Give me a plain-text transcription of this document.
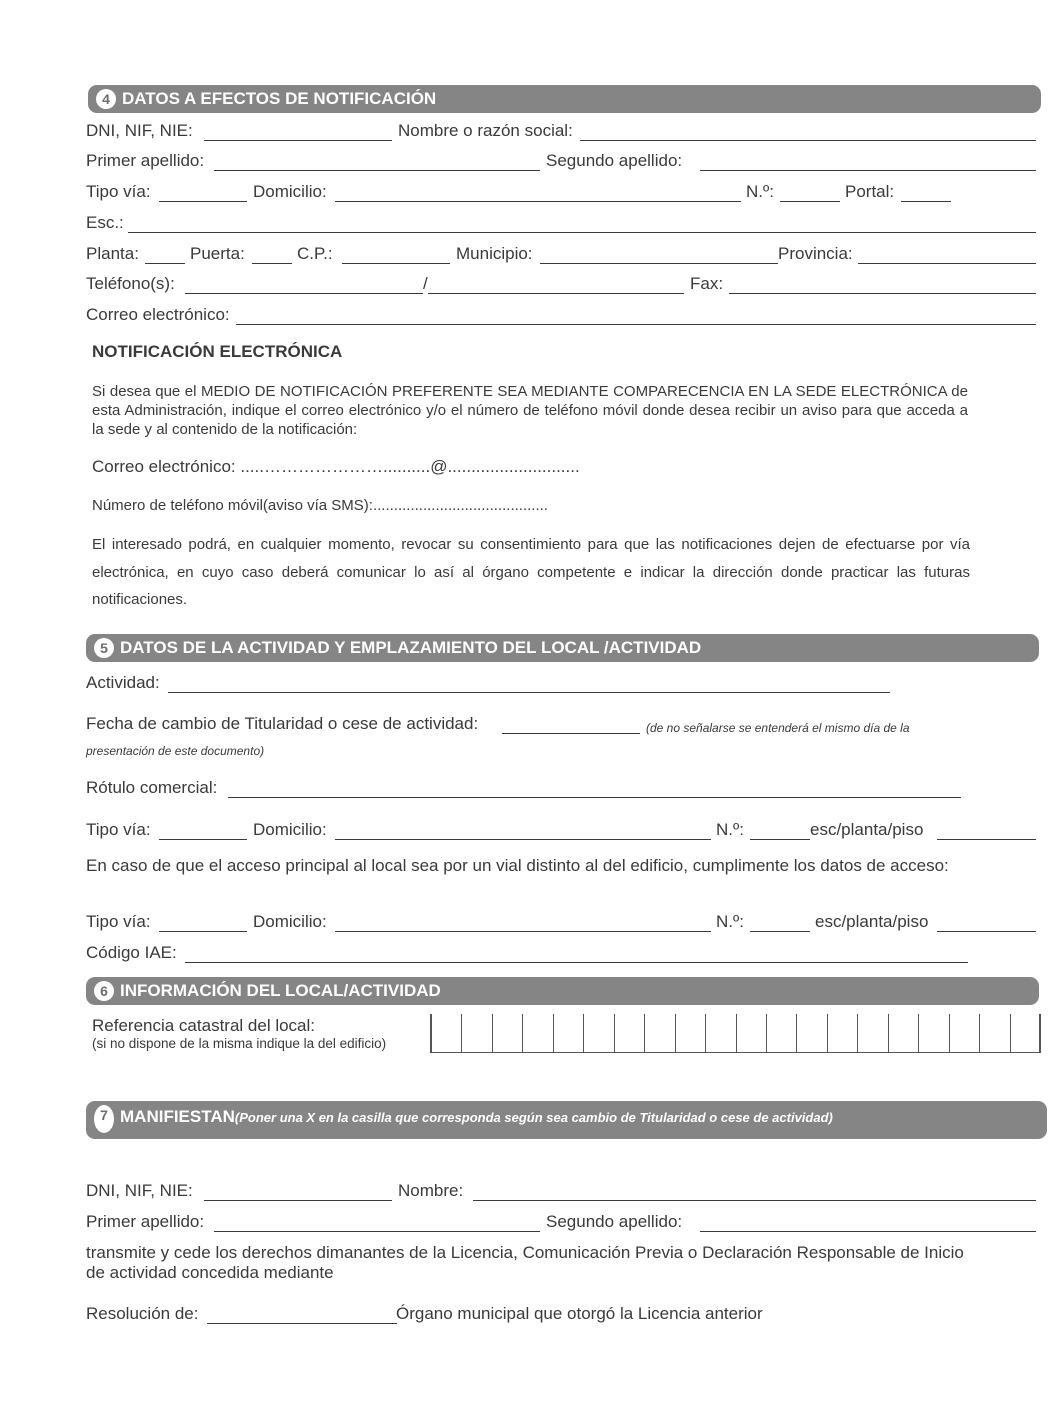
4 DATOS A EFECTOS DE NOTIFICACIÓN
DNI, NIF, NIE:	Nombre o razón social:
Primer apellido:	Segundo apellido:
Tipo vía:	Domicilio:	N.º:	Portal:
Esc.:
Planta:	Puerta:	C.P.:	Municipio:	Provincia:
Teléfono(s):	/	Fax:
Correo electrónico:
NOTIFICACIÓN ELECTRÓNICA
Si desea que el MEDIO DE NOTIFICACIÓN PREFERENTE SEA MEDIANTE COMPARECENCIA EN LA SEDE ELECTRÓNICA de esta Administración, indique el correo electrónico y/o el número de teléfono móvil donde desea recibir un aviso para que acceda a la sede y al contenido de la notificación:
Correo electrónico: .....…………………..........@............................
Número de teléfono móvil(aviso vía SMS):..........................................
El interesado podrá, en cualquier momento, revocar su consentimiento para que las notificaciones dejen de efectuarse por vía electrónica, en cuyo caso deberá comunicar lo así al órgano competente e indicar la dirección donde practicar las futuras notificaciones.
5 DATOS DE LA ACTIVIDAD Y EMPLAZAMIENTO DEL LOCAL /ACTIVIDAD
Actividad:
Fecha de cambio de Titularidad o cese de actividad:	(de no señalarse se entenderá el mismo día de la
presentación de este documento)
Rótulo comercial:
Tipo vía:	Domicilio:	N.º:	esc/planta/piso
En caso de que el acceso principal al local sea por un vial distinto al del edificio, cumplimente los datos de acceso:
Tipo vía:	Domicilio:	N.º:	esc/planta/piso
Código IAE:
6 INFORMACIÓN DEL LOCAL/ACTIVIDAD
Referencia catastral del local:
(si no dispone de la misma indique la del edificio)
7 MANIFIESTAN(Poner una X en la casilla que corresponda según sea cambio de Titularidad o cese de actividad)
DNI, NIF, NIE:	Nombre:
Primer apellido:	Segundo apellido:
transmite y cede los derechos dimanantes de la Licencia, Comunicación Previa o Declaración Responsable de Inicio de actividad concedida mediante
Resolución de:	Órgano municipal que otorgó la Licencia anterior
